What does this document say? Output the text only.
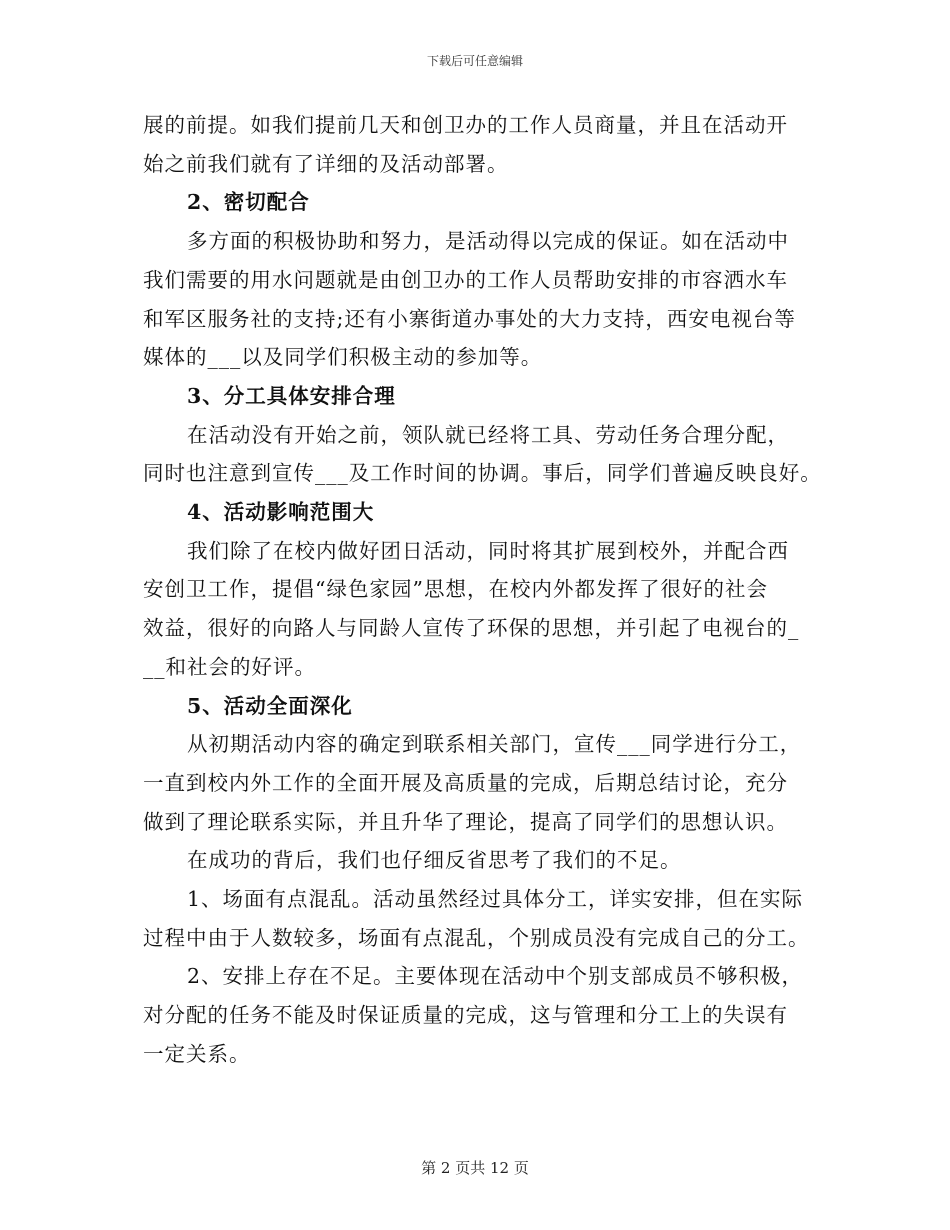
下载后可任意编辑

展的前提。如我们提前几天和创卫办的工作人员商量，并且在活动开

始之前我们就有了详细的及活动部署。

2、密切配合

多方面的积极协助和努力，是活动得以完成的保证。如在活动中

我们需要的用水问题就是由创卫办的工作人员帮助安排的市容洒水车

和军区服务社的支持;还有小寨街道办事处的大力支持，西安电视台等

媒体的___以及同学们积极主动的参加等。

3、分工具体安排合理

在活动没有开始之前，领队就已经将工具、劳动任务合理分配，

同时也注意到宣传___及工作时间的协调。事后，同学们普遍反映良好。

4、活动影响范围大

我们除了在校内做好团日活动，同时将其扩展到校外，并配合西

安创卫工作，提倡“绿色家园”思想，在校内外都发挥了很好的社会

效益，很好的向路人与同龄人宣传了环保的思想，并引起了电视台的_

__和社会的好评。

5、活动全面深化

从初期活动内容的确定到联系相关部门，宣传___同学进行分工，

一直到校内外工作的全面开展及高质量的完成，后期总结讨论，充分

做到了理论联系实际，并且升华了理论，提高了同学们的思想认识。

在成功的背后，我们也仔细反省思考了我们的不足。

1、场面有点混乱。活动虽然经过具体分工，详实安排，但在实际

过程中由于人数较多，场面有点混乱，个别成员没有完成自己的分工。

2、安排上存在不足。主要体现在活动中个别支部成员不够积极，

对分配的任务不能及时保证质量的完成，这与管理和分工上的失误有

一定关系。

第 2 页共 12 页
